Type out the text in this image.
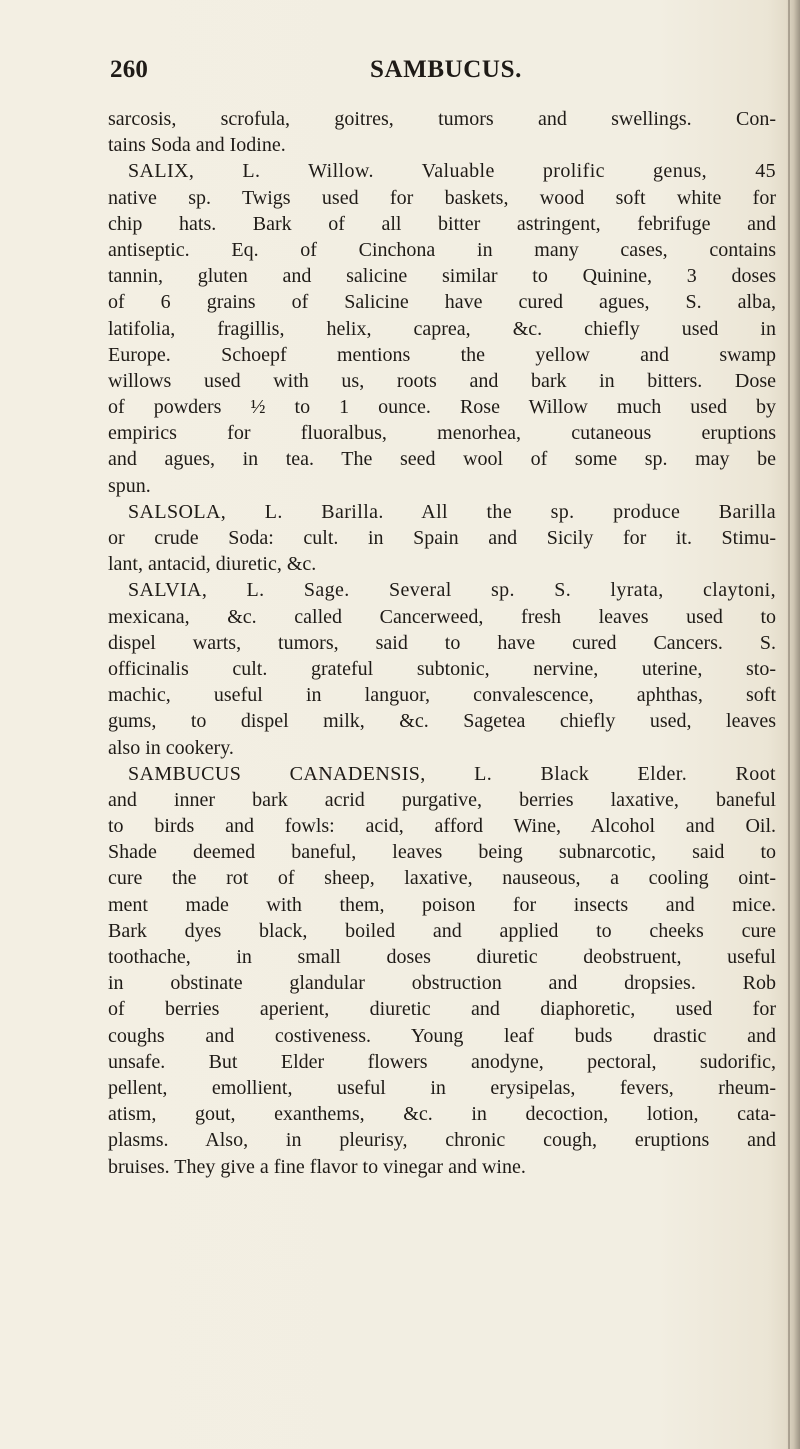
260	SAMBUCUS.
sarcosis, scrofula, goitres, tumors and swellings. Con-
tains Soda and Iodine.
SALIX, L. Willow. Valuable prolific genus, 45
native sp. Twigs used for baskets, wood soft white for
chip hats. Bark of all bitter astringent, febrifuge and
antiseptic. Eq. of Cinchona in many cases, contains
tannin, gluten and salicine similar to Quinine, 3 doses
of 6 grains of Salicine have cured agues, S. alba,
latifolia, fragillis, helix, caprea, &c. chiefly used in
Europe. Schoepf mentions the yellow and swamp
willows used with us, roots and bark in bitters. Dose
of powders ½ to 1 ounce. Rose Willow much used by
empirics for fluoralbus, menorhea, cutaneous eruptions
and agues, in tea. The seed wool of some sp. may be
spun.
SALSOLA, L. Barilla. All the sp. produce Barilla
or crude Soda: cult. in Spain and Sicily for it. Stimu-
lant, antacid, diuretic, &c.
SALVIA, L. Sage. Several sp. S. lyrata, claytoni,
mexicana, &c. called Cancerweed, fresh leaves used to
dispel warts, tumors, said to have cured Cancers. S.
officinalis cult. grateful subtonic, nervine, uterine, sto-
machic, useful in languor, convalescence, aphthas, soft
gums, to dispel milk, &c. Sagetea chiefly used, leaves
also in cookery.
SAMBUCUS CANADENSIS, L. Black Elder. Root
and inner bark acrid purgative, berries laxative, baneful
to birds and fowls: acid, afford Wine, Alcohol and Oil.
Shade deemed baneful, leaves being subnarcotic, said to
cure the rot of sheep, laxative, nauseous, a cooling oint-
ment made with them, poison for insects and mice.
Bark dyes black, boiled and applied to cheeks cure
toothache, in small doses diuretic deobstruent, useful
in obstinate glandular obstruction and dropsies. Rob
of berries aperient, diuretic and diaphoretic, used for
coughs and costiveness. Young leaf buds drastic and
unsafe. But Elder flowers anodyne, pectoral, sudorific,
pellent, emollient, useful in erysipelas, fevers, rheum-
atism, gout, exanthems, &c. in decoction, lotion, cata-
plasms. Also, in pleurisy, chronic cough, eruptions and
bruises. They give a fine flavor to vinegar and wine.
